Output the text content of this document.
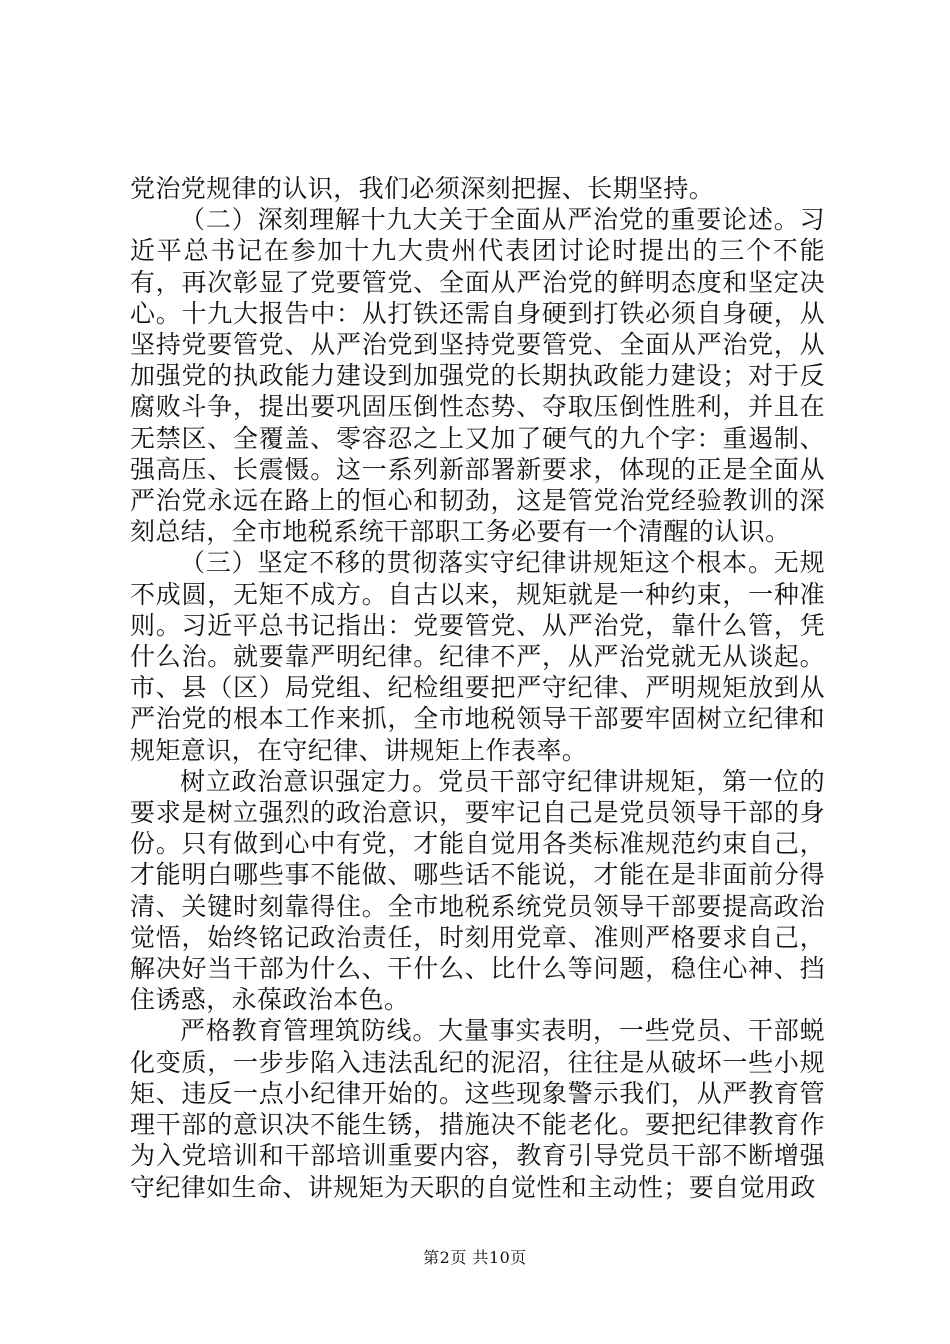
党治党规律的认识，我们必须深刻把握、长期坚持。

（二）深刻理解十九大关于全面从严治党的重要论述。习近平总书记在参加十九大贵州代表团讨论时提出的三个不能有，再次彰显了党要管党、全面从严治党的鲜明态度和坚定决心。十九大报告中：从打铁还需自身硬到打铁必须自身硬，从坚持党要管党、从严治党到坚持党要管党、全面从严治党，从加强党的执政能力建设到加强党的长期执政能力建设；对于反腐败斗争，提出要巩固压倒性态势、夺取压倒性胜利，并且在无禁区、全覆盖、零容忍之上又加了硬气的九个字：重遏制、强高压、长震慑。这一系列新部署新要求，体现的正是全面从严治党永远在路上的恒心和韧劲，这是管党治党经验教训的深刻总结，全市地税系统干部职工务必要有一个清醒的认识。

（三）坚定不移的贯彻落实守纪律讲规矩这个根本。无规不成圆，无矩不成方。自古以来，规矩就是一种约束，一种准则。习近平总书记指出：党要管党、从严治党，靠什么管，凭什么治。就要靠严明纪律。纪律不严，从严治党就无从谈起。市、县（区）局党组、纪检组要把严守纪律、严明规矩放到从严治党的根本工作来抓，全市地税领导干部要牢固树立纪律和规矩意识，在守纪律、讲规矩上作表率。

树立政治意识强定力。党员干部守纪律讲规矩，第一位的要求是树立强烈的政治意识，要牢记自己是党员领导干部的身份。只有做到心中有党，才能自觉用各类标准规范约束自己，才能明白哪些事不能做、哪些话不能说，才能在是非面前分得清、关键时刻靠得住。全市地税系统党员领导干部要提高政治觉悟，始终铭记政治责任，时刻用党章、准则严格要求自己，解决好当干部为什么、干什么、比什么等问题，稳住心神、挡住诱惑，永葆政治本色。

严格教育管理筑防线。大量事实表明，一些党员、干部蜕化变质，一步步陷入违法乱纪的泥沼，往往是从破坏一些小规矩、违反一点小纪律开始的。这些现象警示我们，从严教育管理干部的意识决不能生锈，措施决不能老化。要把纪律教育作为入党培训和干部培训重要内容，教育引导党员干部不断增强守纪律如生命、讲规矩为天职的自觉性和主动性；要自觉用政

第2页 共10页
